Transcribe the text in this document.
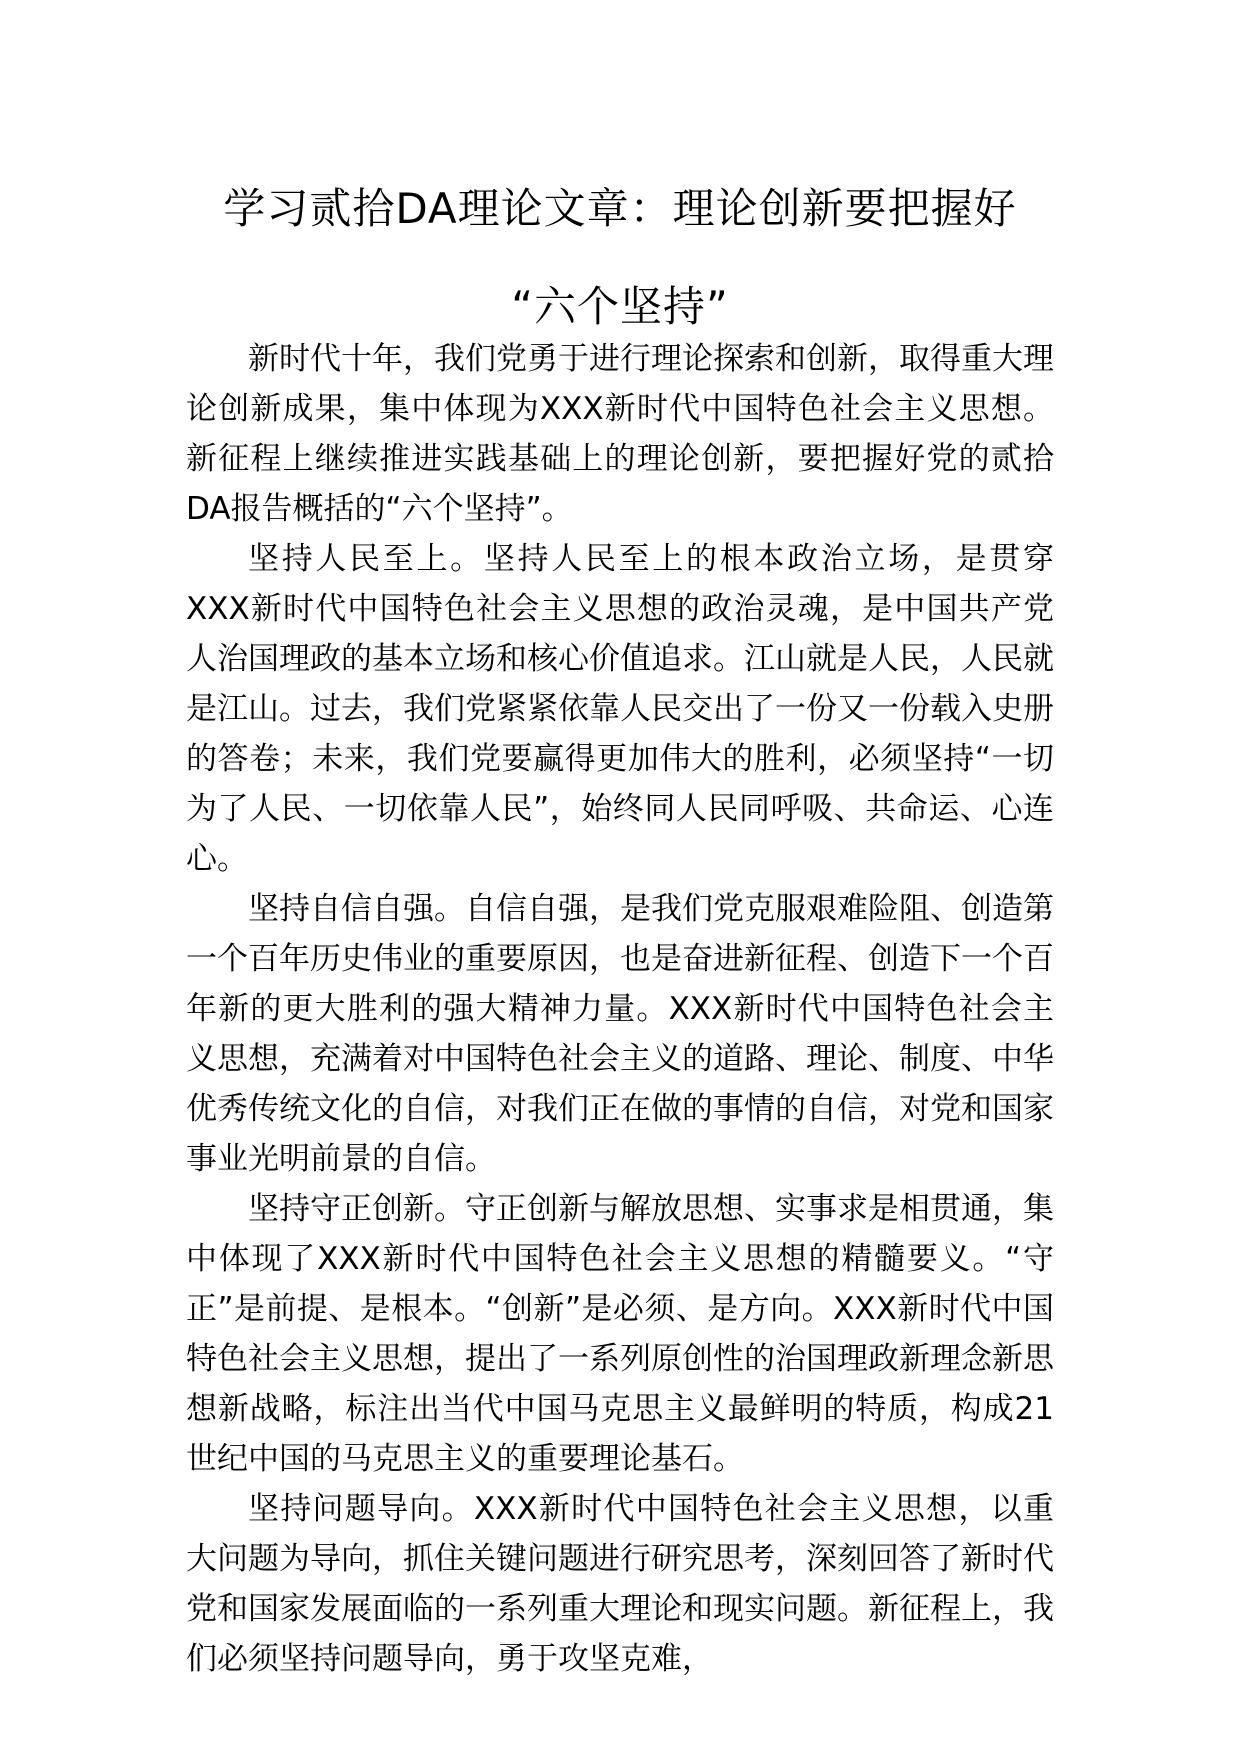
学习贰拾DA理论文章：理论创新要把握好
“六个坚持”

新时代十年，我们党勇于进行理论探索和创新，取得重大理论创新成果，集中体现为XXX新时代中国特色社会主义思想。新征程上继续推进实践基础上的理论创新，要把握好党的贰拾DA报告概括的“六个坚持”。

坚持人民至上。坚持人民至上的根本政治立场，是贯穿XXX新时代中国特色社会主义思想的政治灵魂，是中国共产党人治国理政的基本立场和核心价值追求。江山就是人民，人民就是江山。过去，我们党紧紧依靠人民交出了一份又一份载入史册的答卷；未来，我们党要赢得更加伟大的胜利，必须坚持“一切为了人民、一切依靠人民”，始终同人民同呼吸、共命运、心连心。

坚持自信自强。自信自强，是我们党克服艰难险阻、创造第一个百年历史伟业的重要原因，也是奋进新征程、创造下一个百年新的更大胜利的强大精神力量。XXX新时代中国特色社会主义思想，充满着对中国特色社会主义的道路、理论、制度、中华优秀传统文化的自信，对我们正在做的事情的自信，对党和国家事业光明前景的自信。

坚持守正创新。守正创新与解放思想、实事求是相贯通，集中体现了XXX新时代中国特色社会主义思想的精髓要义。“守正”是前提、是根本。“创新”是必须、是方向。XXX新时代中国特色社会主义思想，提出了一系列原创性的治国理政新理念新思想新战略，标注出当代中国马克思主义最鲜明的特质，构成21世纪中国的马克思主义的重要理论基石。

坚持问题导向。XXX新时代中国特色社会主义思想，以重大问题为导向，抓住关键问题进行研究思考，深刻回答了新时代党和国家发展面临的一系列重大理论和现实问题。新征程上，我们必须坚持问题导向，勇于攻坚克难，
